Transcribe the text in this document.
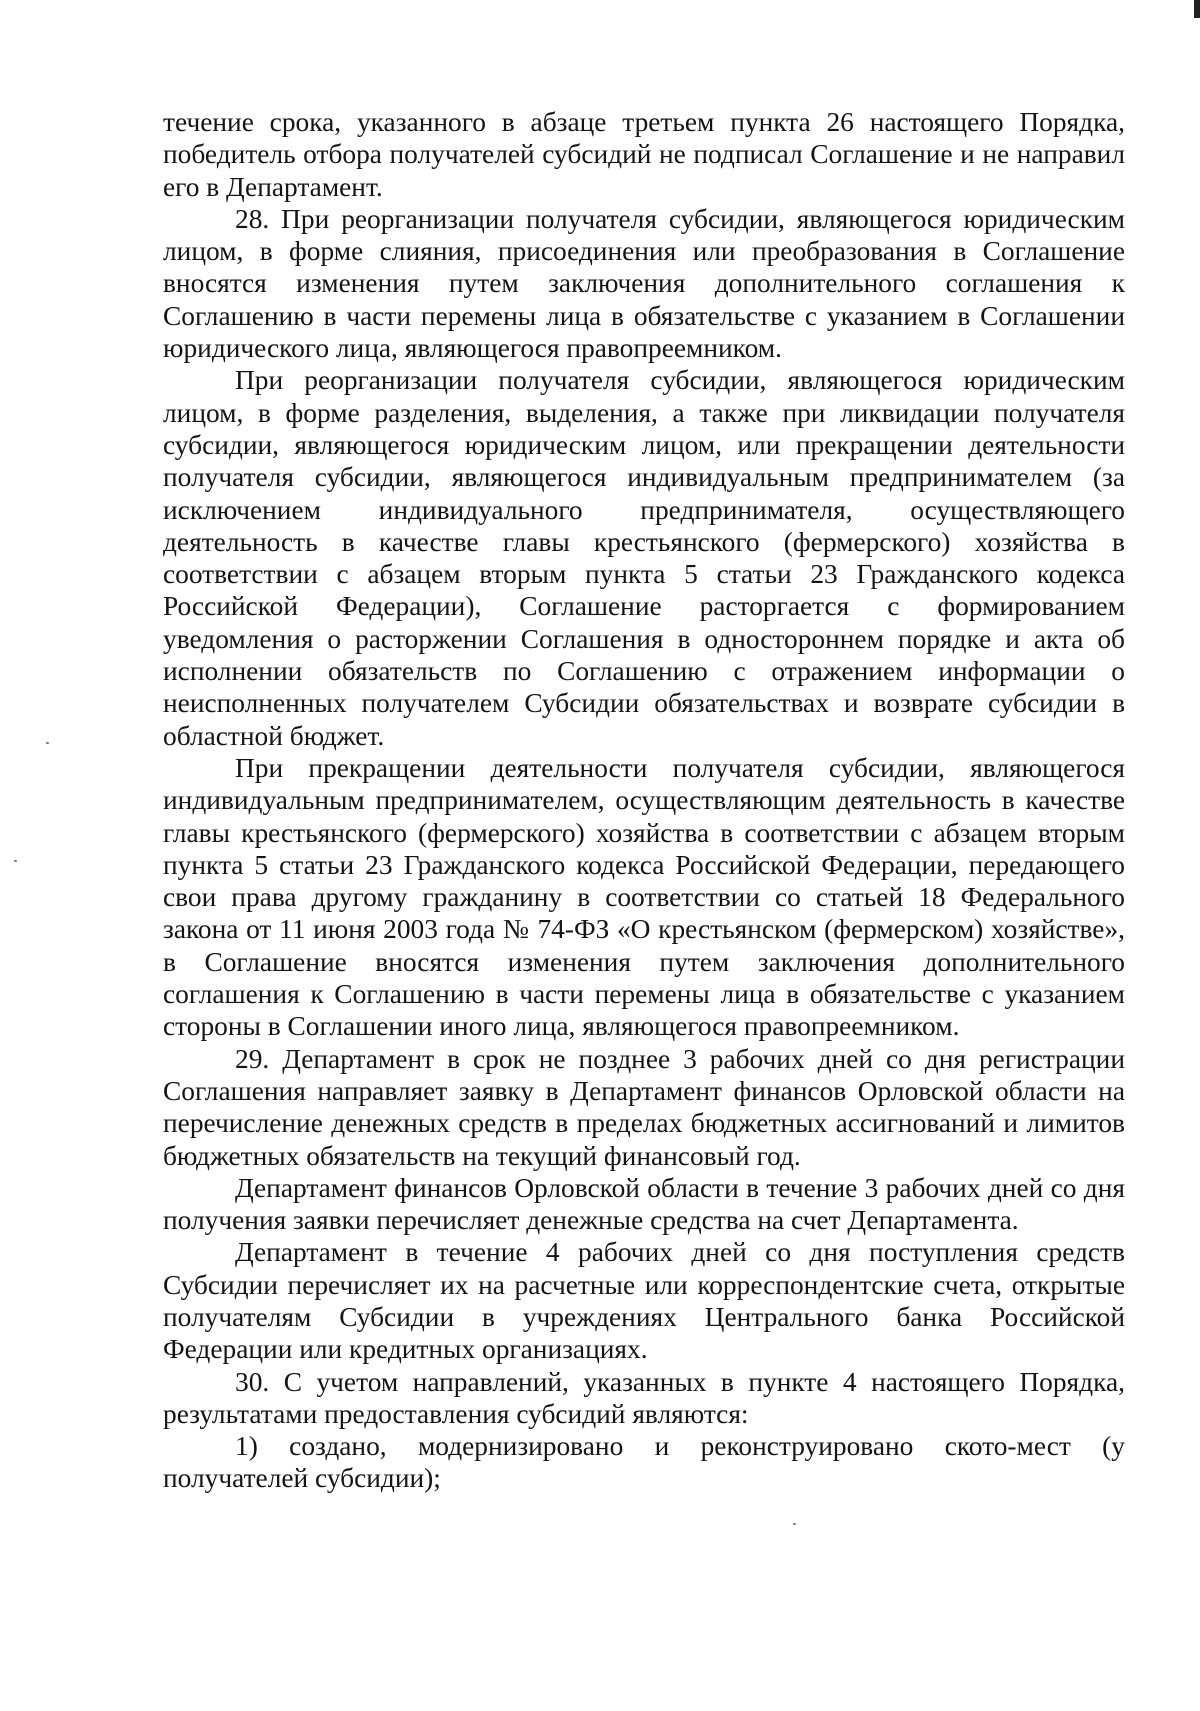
течение срока, указанного в абзаце третьем пункта 26 настоящего Порядка, победитель отбора получателей субсидий не подписал Соглашение и не направил его в Департамент.

28. При реорганизации получателя субсидии, являющегося юридическим лицом, в форме слияния, присоединения или преобразования в Соглашение вносятся изменения путем заключения дополнительного соглашения к Соглашению в части перемены лица в обязательстве с указанием в Соглашении юридического лица, являющегося правопреемником.

При реорганизации получателя субсидии, являющегося юридическим лицом, в форме разделения, выделения, а также при ликвидации получателя субсидии, являющегося юридическим лицом, или прекращении деятельности получателя субсидии, являющегося индивидуальным предпринимателем (за исключением индивидуального предпринимателя, осуществляющего деятельность в качестве главы крестьянского (фермерского) хозяйства в соответствии с абзацем вторым пункта 5 статьи 23 Гражданского кодекса Российской Федерации), Соглашение расторгается с формированием уведомления о расторжении Соглашения в одностороннем порядке и акта об исполнении обязательств по Соглашению с отражением информации о неисполненных получателем Субсидии обязательствах и возврате субсидии в областной бюджет.

При прекращении деятельности получателя субсидии, являющегося индивидуальным предпринимателем, осуществляющим деятельность в качестве главы крестьянского (фермерского) хозяйства в соответствии с абзацем вторым пункта 5 статьи 23 Гражданского кодекса Российской Федерации, передающего свои права другому гражданину в соответствии со статьей 18 Федерального закона от 11 июня 2003 года № 74-ФЗ «О крестьянском (фермерском) хозяйстве», в Соглашение вносятся изменения путем заключения дополнительного соглашения к Соглашению в части перемены лица в обязательстве с указанием стороны в Соглашении иного лица, являющегося правопреемником.

29. Департамент в срок не позднее 3 рабочих дней со дня регистрации Соглашения направляет заявку в Департамент финансов Орловской области на перечисление денежных средств в пределах бюджетных ассигнований и лимитов бюджетных обязательств на текущий финансовый год.

Департамент финансов Орловской области в течение 3 рабочих дней со дня получения заявки перечисляет денежные средства на счет Департамента.

Департамент в течение 4 рабочих дней со дня поступления средств Субсидии перечисляет их на расчетные или корреспондентские счета, открытые получателям Субсидии в учреждениях Центрального банка Российской Федерации или кредитных организациях.

30. С учетом направлений, указанных в пункте 4 настоящего Порядка, результатами предоставления субсидий являются:

1) создано, модернизировано и реконструировано ското-мест (у получателей субсидии);
